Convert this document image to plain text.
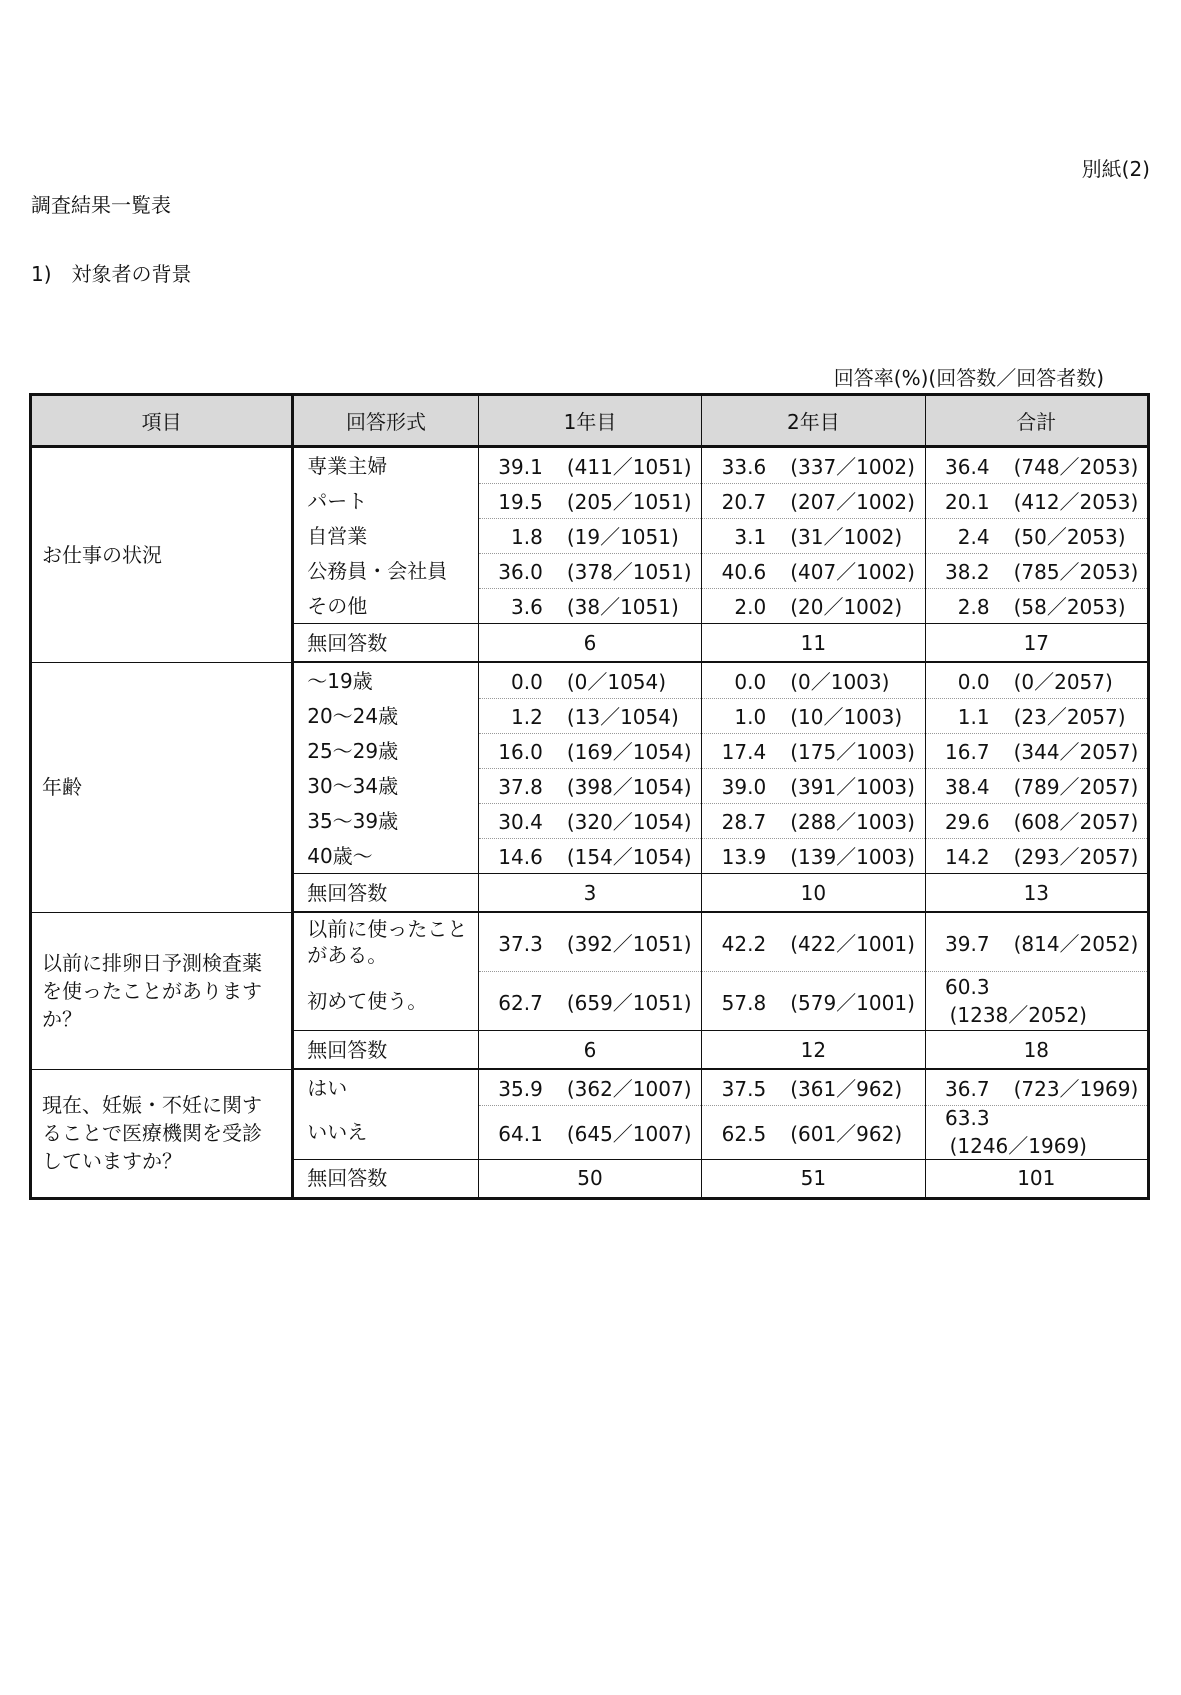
別紙(2)
調査結果一覧表
1)　対象者の背景
回答率(%)(回答数／回答者数)
項目	回答形式	1年目	2年目	合計
お仕事の状況	専業主婦	39.1 (411／1051)	33.6 (337／1002)	36.4 (748／2053)
	パート	19.5 (205／1051)	20.7 (207／1002)	20.1 (412／2053)
	自営業	1.8 (19／1051)	3.1 (31／1002)	2.4 (50／2053)
	公務員・会社員	36.0 (378／1051)	40.6 (407／1002)	38.2 (785／2053)
	その他	3.6 (38／1051)	2.0 (20／1002)	2.8 (58／2053)
	無回答数	6	11	17
年齢	～19歳	0.0 (0／1054)	0.0 (0／1003)	0.0 (0／2057)
	20～24歳	1.2 (13／1054)	1.0 (10／1003)	1.1 (23／2057)
	25～29歳	16.0 (169／1054)	17.4 (175／1003)	16.7 (344／2057)
	30～34歳	37.8 (398／1054)	39.0 (391／1003)	38.4 (789／2057)
	35～39歳	30.4 (320／1054)	28.7 (288／1003)	29.6 (608／2057)
	40歳～	14.6 (154／1054)	13.9 (139／1003)	14.2 (293／2057)
	無回答数	3	10	13
以前に排卵日予測検査薬を使ったことがありますか？	以前に使ったことがある。	37.3 (392／1051)	42.2 (422／1001)	39.7 (814／2052)
	初めて使う。	62.7 (659／1051)	57.8 (579／1001)	60.3(1238／2052)
	無回答数	6	12	18
現在、妊娠・不妊に関することで医療機関を受診していますか？	はい	35.9 (362／1007)	37.5 (361／962)	36.7 (723／1969)
	いいえ	64.1 (645／1007)	62.5 (601／962)	63.3(1246／1969)
	無回答数	50	51	101
